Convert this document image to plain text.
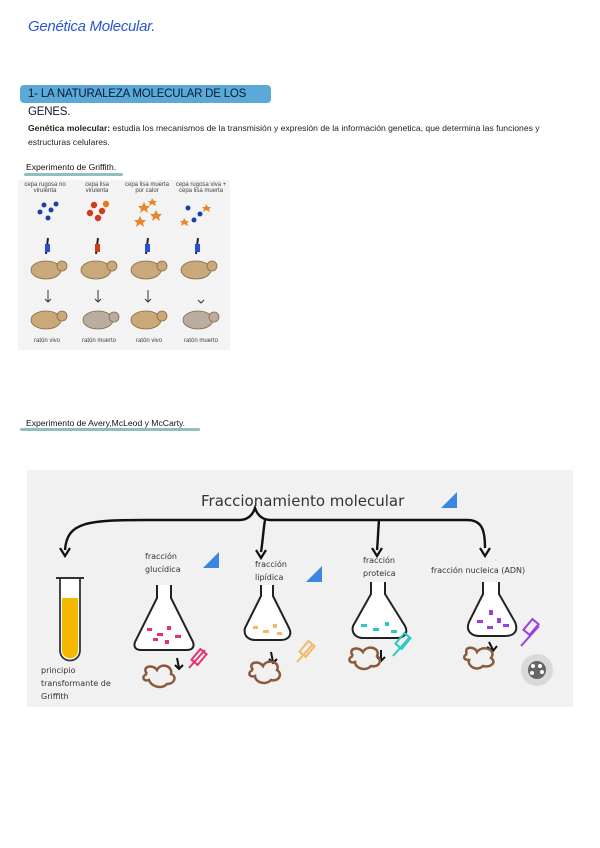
Genética Molecular.
1- LA NATURALEZA MOLECULAR DE LOS GENES.
Genética molecular: estudia los mecanismos de la transmisión y expresión de la información genetica, que determina las funciones y estructuras celulares.
Experimento de Griffith.
cepa rugosa no virulenta
cepa lisa virulenta
cepa lisa muerta por calor
cepa rugosa viva + cepa lisa muerta
ratón vivo	ratón muerto	ratón vivo	ratón muerto
Experimento de Avery,McLeod y McCarty.
Fraccionamiento molecular
principio transformante de Griffith
fracción glucídica
fracción lipídica
fracción proteica	fracción nucleica (ADN)
